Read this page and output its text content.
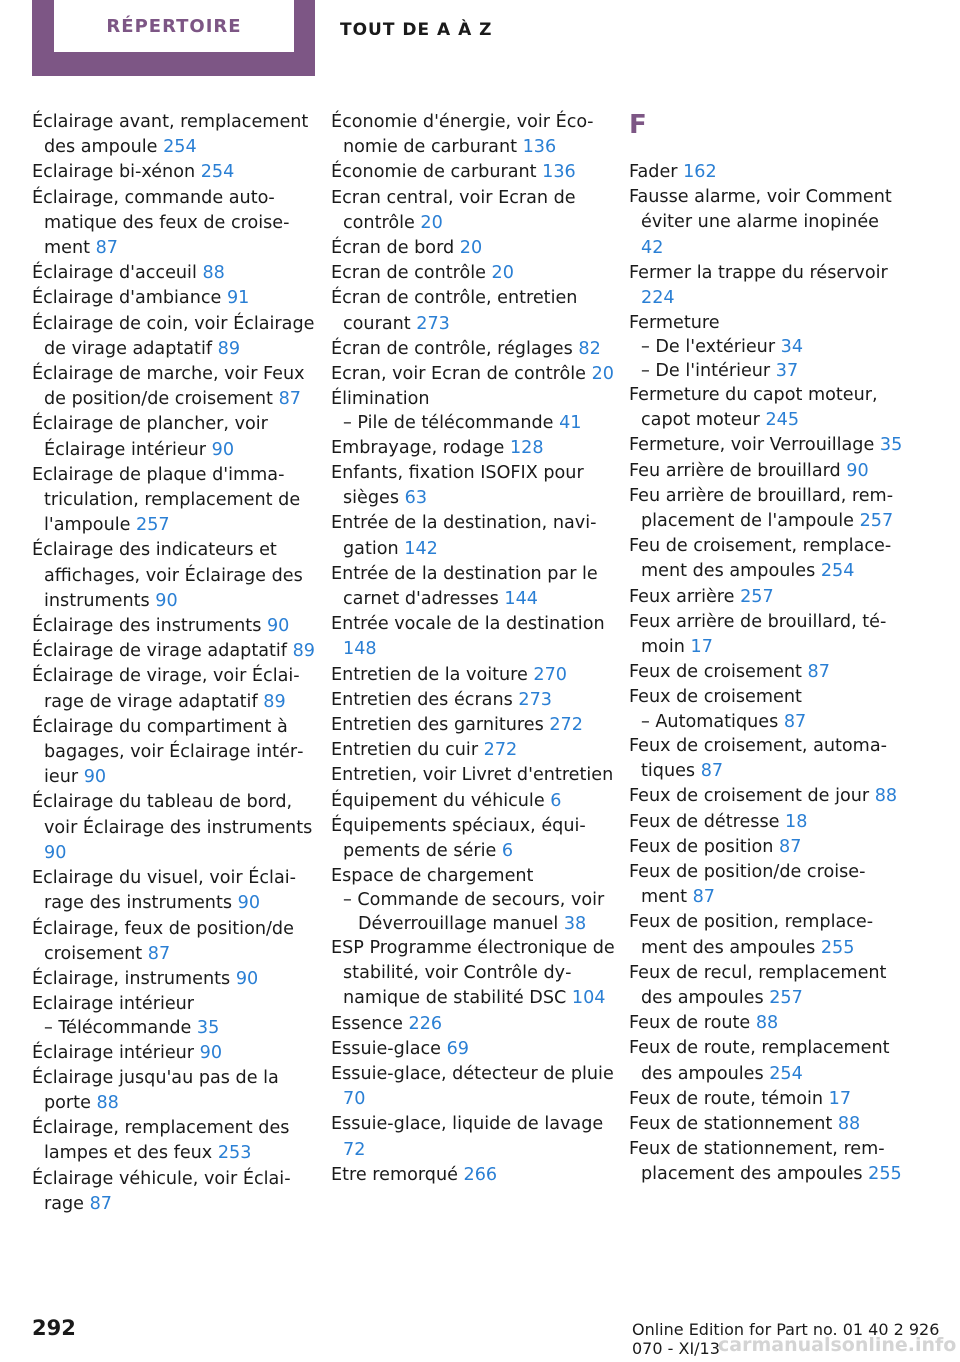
RÉPERTOIRE	TOUT DE A À Z
Éclairage avant, remplacement des ampoule 254
Eclairage bi-xénon 254
Éclairage, commande automatique des feux de croisement 87
Éclairage d'acceuil 88
Éclairage d'ambiance 91
Éclairage de coin, voir Éclairage de virage adaptatif 89
Éclairage de marche, voir Feux de position/de croisement 87
Éclairage de plancher, voir Éclairage intérieur 90
Eclairage de plaque d'immatriculation, remplacement de l'ampoule 257
Éclairage des indicateurs et affichages, voir Éclairage des instruments 90
Éclairage des instruments 90
Éclairage de virage adaptatif 89
Éclairage de virage, voir Éclairage de virage adaptatif 89
Éclairage du compartiment à bagages, voir Éclairage intérieur 90
Éclairage du tableau de bord, voir Éclairage des instruments 90
Eclairage du visuel, voir Éclairage des instruments 90
Éclairage, feux de position/de croisement 87
Éclairage, instruments 90
Eclairage intérieur
– Télécommande 35
Éclairage intérieur 90
Éclairage jusqu'au pas de la porte 88
Éclairage, remplacement des lampes et des feux 253
Éclairage véhicule, voir Éclairage 87
Économie d'énergie, voir Économie de carburant 136
Économie de carburant 136
Ecran central, voir Ecran de contrôle 20
Écran de bord 20
Ecran de contrôle 20
Écran de contrôle, entretien courant 273
Écran de contrôle, réglages 82
Ecran, voir Ecran de contrôle 20
Élimination
– Pile de télécommande 41
Embrayage, rodage 128
Enfants, fixation ISOFIX pour sièges 63
Entrée de la destination, navigation 142
Entrée de la destination par le carnet d'adresses 144
Entrée vocale de la destination 148
Entretien de la voiture 270
Entretien des écrans 273
Entretien des garnitures 272
Entretien du cuir 272
Entretien, voir Livret d'entretien
Équipement du véhicule 6
Équipements spéciaux, équipements de série 6
Espace de chargement
– Commande de secours, voir Déverrouillage manuel 38
ESP Programme électronique de stabilité, voir Contrôle dynamique de stabilité DSC 104
Essence 226
Essuie-glace 69
Essuie-glace, détecteur de pluie 70
Essuie-glace, liquide de lavage 72
Etre remorqué 266
F
Fader 162
Fausse alarme, voir Comment éviter une alarme inopinée 42
Fermer la trappe du réservoir 224
Fermeture
– De l'extérieur 34
– De l'intérieur 37
Fermeture du capot moteur, capot moteur 245
Fermeture, voir Verrouillage 35
Feu arrière de brouillard 90
Feu arrière de brouillard, remplacement de l'ampoule 257
Feu de croisement, remplacement des ampoules 254
Feux arrière 257
Feux arrière de brouillard, témoin 17
Feux de croisement 87
Feux de croisement
– Automatiques 87
Feux de croisement, automatiques 87
Feux de croisement de jour 88
Feux de détresse 18
Feux de position 87
Feux de position/de croisement 87
Feux de position, remplacement des ampoules 255
Feux de recul, remplacement des ampoules 257
Feux de route 88
Feux de route, remplacement des ampoules 254
Feux de route, témoin 17
Feux de stationnement 88
Feux de stationnement, remplacement des ampoules 255
292	Online Edition for Part no. 01 40 2 926 070 - XI/13
carmanualsonline.info
